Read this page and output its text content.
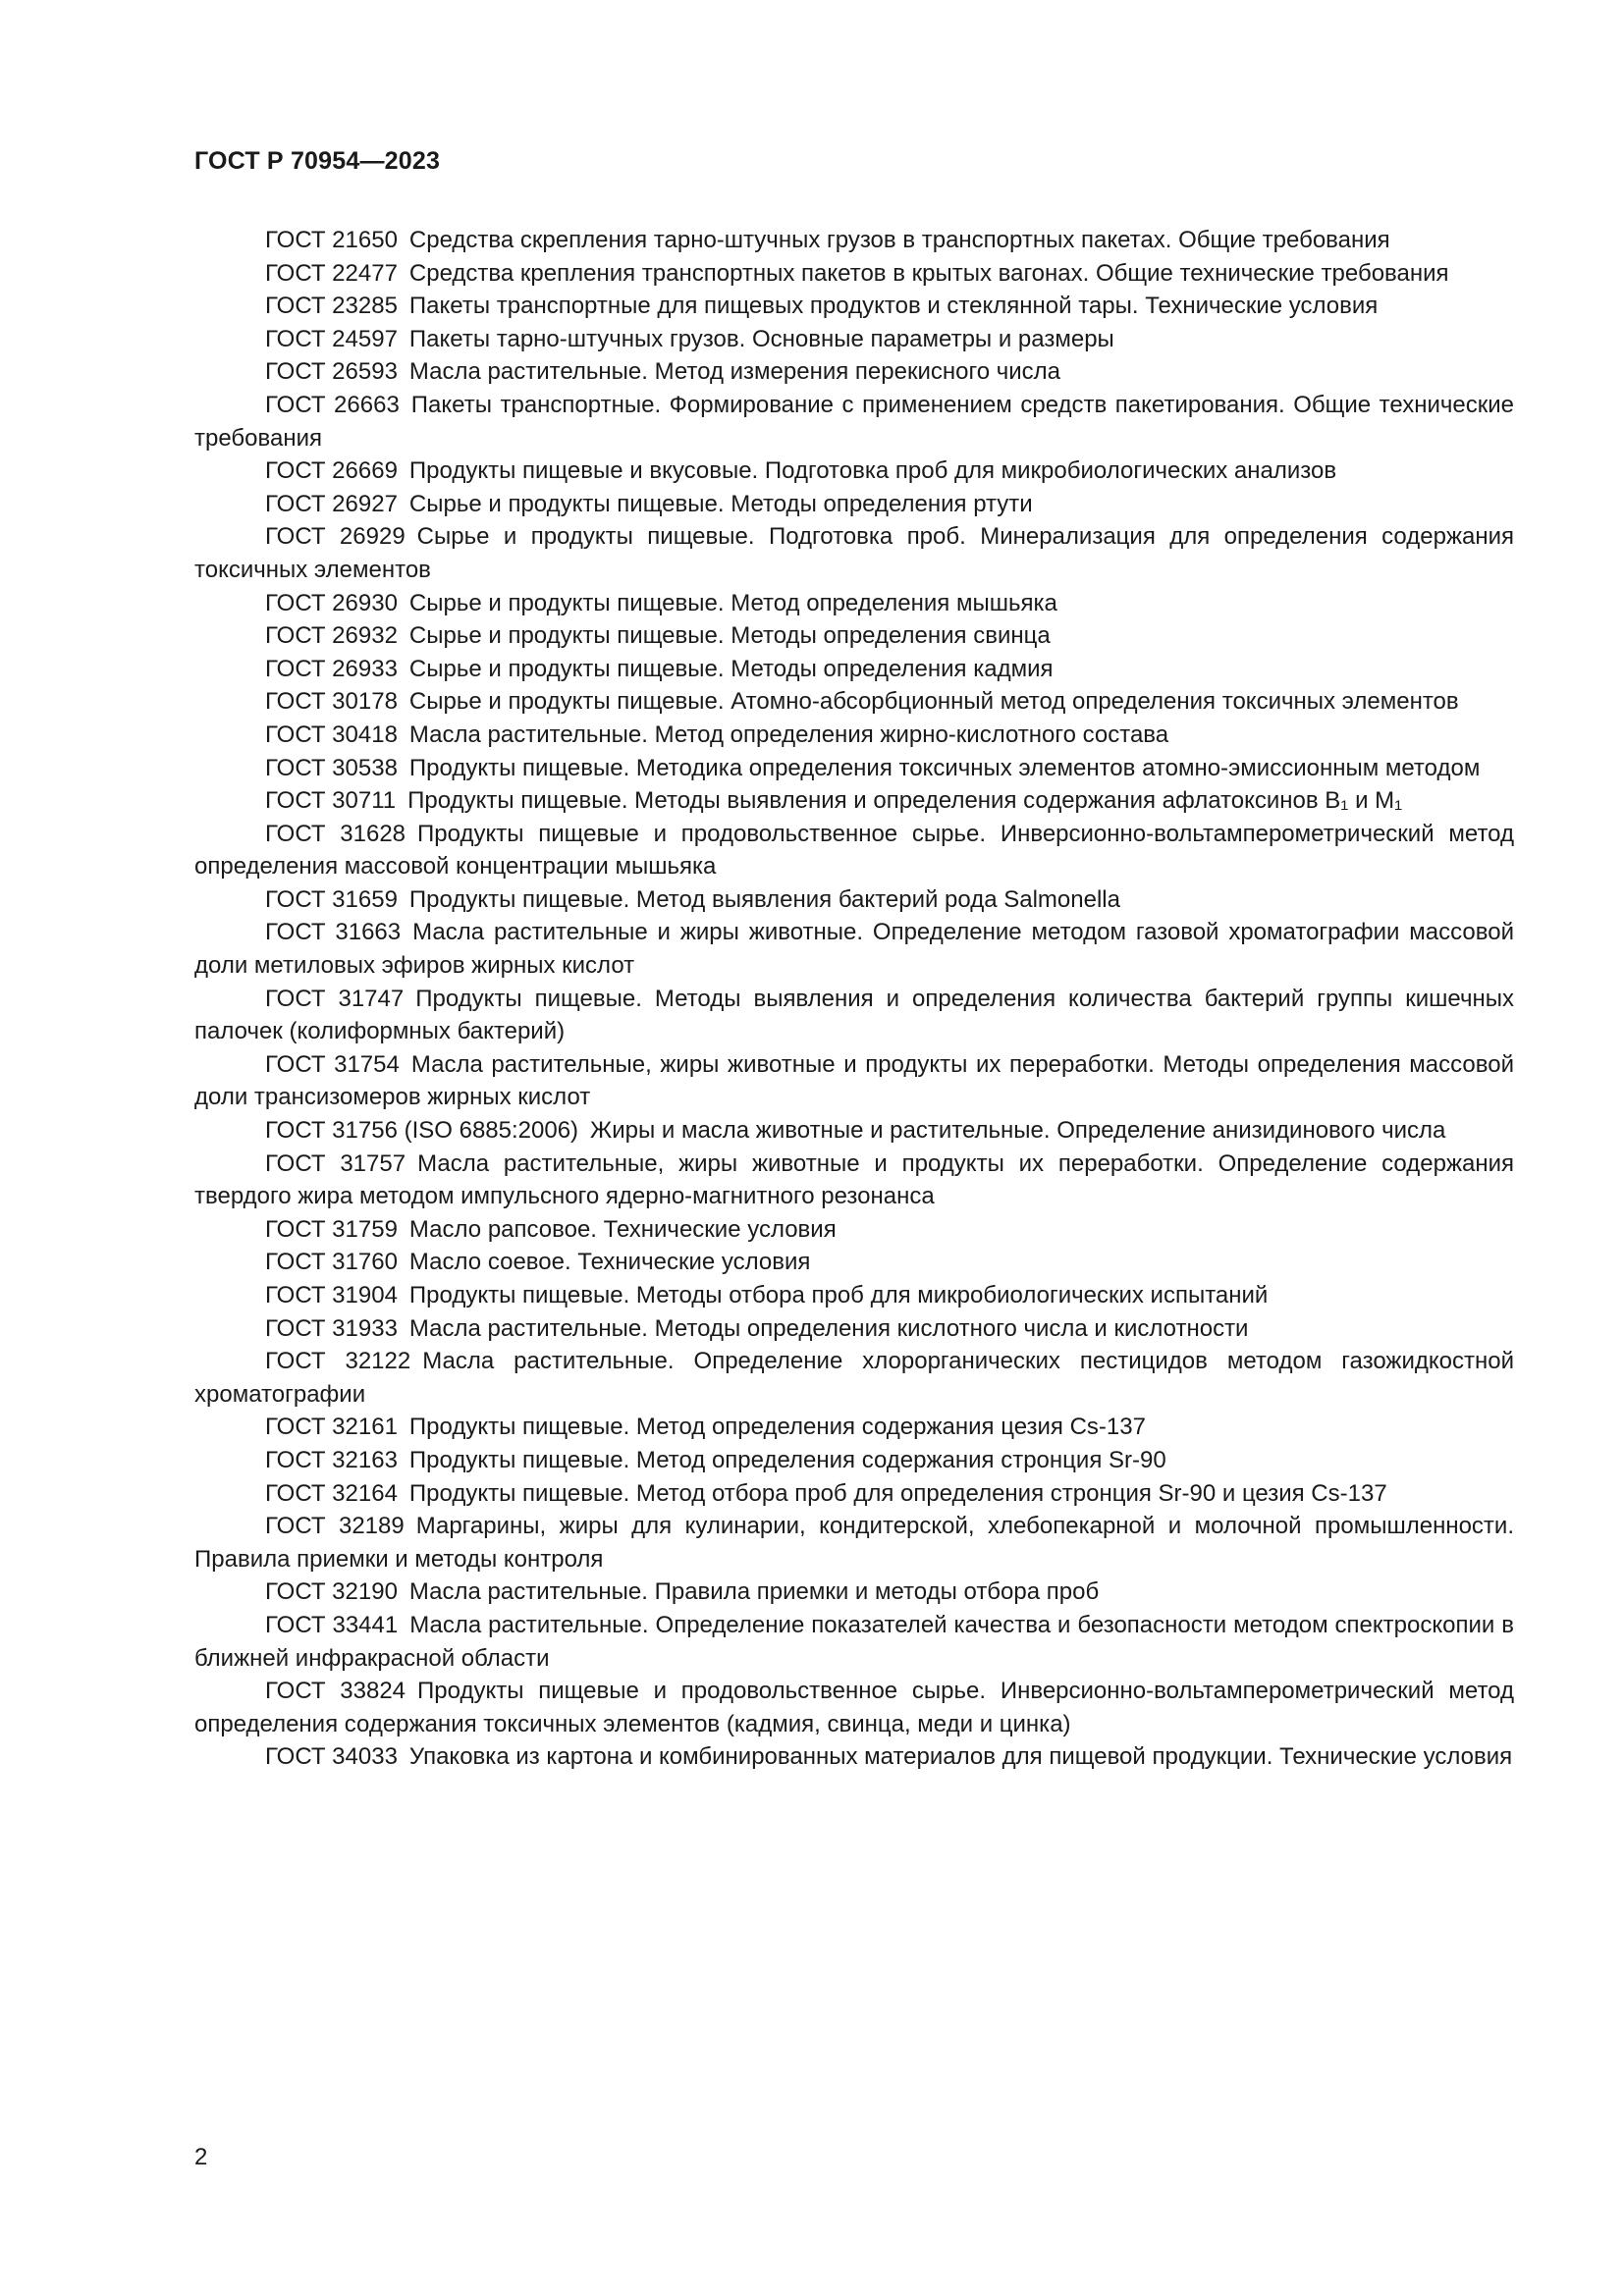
ГОСТ Р 70954—2023

ГОСТ 21650 Средства скрепления тарно-штучных грузов в транспортных пакетах. Общие требования

ГОСТ 22477 Средства крепления транспортных пакетов в крытых вагонах. Общие технические требования

ГОСТ 23285 Пакеты транспортные для пищевых продуктов и стеклянной тары. Технические условия

ГОСТ 24597 Пакеты тарно-штучных грузов. Основные параметры и размеры

ГОСТ 26593 Масла растительные. Метод измерения перекисного числа

ГОСТ 26663 Пакеты транспортные. Формирование с применением средств пакетирования. Общие технические требования

ГОСТ 26669 Продукты пищевые и вкусовые. Подготовка проб для микробиологических анализов

ГОСТ 26927 Сырье и продукты пищевые. Методы определения ртути

ГОСТ 26929 Сырье и продукты пищевые. Подготовка проб. Минерализация для определения содержания токсичных элементов

ГОСТ 26930 Сырье и продукты пищевые. Метод определения мышьяка

ГОСТ 26932 Сырье и продукты пищевые. Методы определения свинца

ГОСТ 26933 Сырье и продукты пищевые. Методы определения кадмия

ГОСТ 30178 Сырье и продукты пищевые. Атомно-абсорбционный метод определения токсичных элементов

ГОСТ 30418 Масла растительные. Метод определения жирно-кислотного состава

ГОСТ 30538 Продукты пищевые. Методика определения токсичных элементов атомно-эмиссионным методом

ГОСТ 30711 Продукты пищевые. Методы выявления и определения содержания афлатоксинов B₁ и M₁

ГОСТ 31628 Продукты пищевые и продовольственное сырье. Инверсионно-вольтамперометрический метод определения массовой концентрации мышьяка

ГОСТ 31659 Продукты пищевые. Метод выявления бактерий рода Salmonella

ГОСТ 31663 Масла растительные и жиры животные. Определение методом газовой хроматографии массовой доли метиловых эфиров жирных кислот

ГОСТ 31747 Продукты пищевые. Методы выявления и определения количества бактерий группы кишечных палочек (колиформных бактерий)

ГОСТ 31754 Масла растительные, жиры животные и продукты их переработки. Методы определения массовой доли трансизомеров жирных кислот

ГОСТ 31756 (ISO 6885:2006) Жиры и масла животные и растительные. Определение анизидинового числа

ГОСТ 31757 Масла растительные, жиры животные и продукты их переработки. Определение содержания твердого жира методом импульсного ядерно-магнитного резонанса

ГОСТ 31759 Масло рапсовое. Технические условия

ГОСТ 31760 Масло соевое. Технические условия

ГОСТ 31904 Продукты пищевые. Методы отбора проб для микробиологических испытаний

ГОСТ 31933 Масла растительные. Методы определения кислотного числа и кислотности

ГОСТ 32122 Масла растительные. Определение хлорорганических пестицидов методом газожидкостной хроматографии

ГОСТ 32161 Продукты пищевые. Метод определения содержания цезия Cs-137

ГОСТ 32163 Продукты пищевые. Метод определения содержания стронция Sr-90

ГОСТ 32164 Продукты пищевые. Метод отбора проб для определения стронция Sr-90 и цезия Cs-137

ГОСТ 32189 Маргарины, жиры для кулинарии, кондитерской, хлебопекарной и молочной промышленности. Правила приемки и методы контроля

ГОСТ 32190 Масла растительные. Правила приемки и методы отбора проб

ГОСТ 33441 Масла растительные. Определение показателей качества и безопасности методом спектроскопии в ближней инфракрасной области

ГОСТ 33824 Продукты пищевые и продовольственное сырье. Инверсионно-вольтамперометрический метод определения содержания токсичных элементов (кадмия, свинца, меди и цинка)

ГОСТ 34033 Упаковка из картона и комбинированных материалов для пищевой продукции. Технические условия

2
